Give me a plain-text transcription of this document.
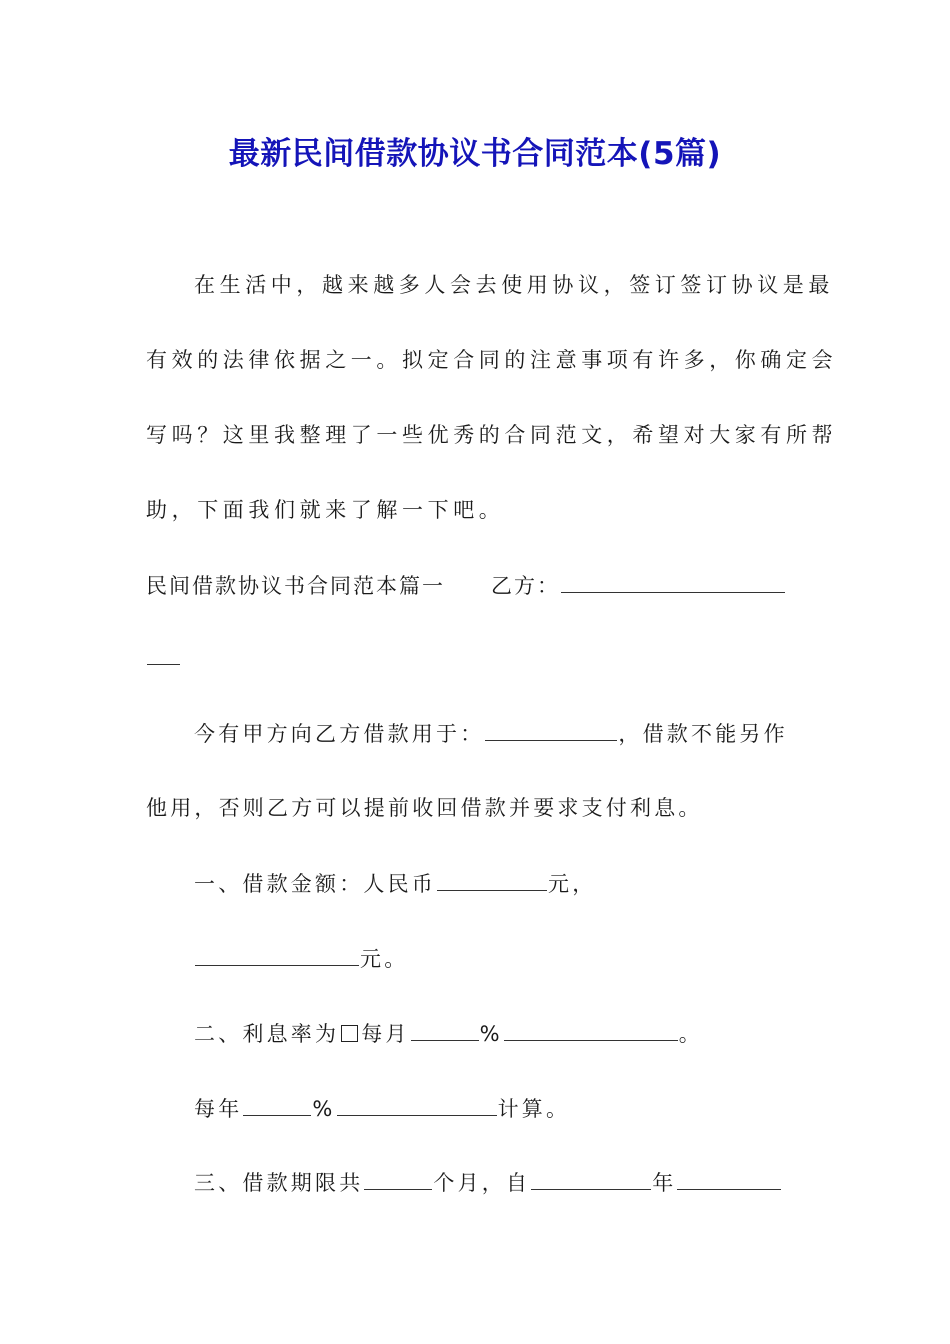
最新民间借款协议书合同范本(5篇)
在生活中，越来越多人会去使用协议，签订签订协议是最
有效的法律依据之一。拟定合同的注意事项有许多，你确定会
写吗？这里我整理了一些优秀的合同范文，希望对大家有所帮
助，下面我们就来了解一下吧。
民间借款协议书合同范本篇一 乙方：
今有甲方向乙方借款用于：	，借款不能另作
他用，否则乙方可以提前收回借款并要求支付利息。
一、借款金额：人民币	元，
元。
二、利息率为 每月	%	。
每年	%	计算。
三、借款期限共	个月，自	年
